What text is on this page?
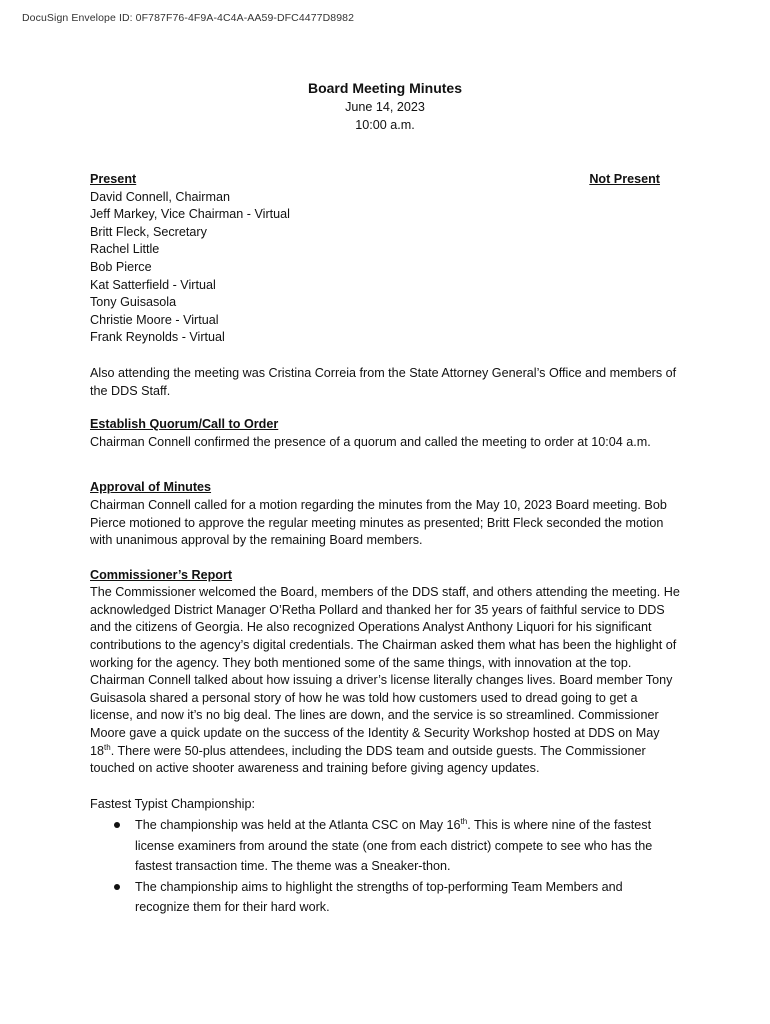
DocuSign Envelope ID: 0F787F76-4F9A-4C4A-AA59-DFC4477D8982
Board Meeting Minutes
June 14, 2023
10:00 a.m.
Present	Not Present
David Connell, Chairman
Jeff Markey, Vice Chairman - Virtual
Britt Fleck, Secretary
Rachel Little
Bob Pierce
Kat Satterfield - Virtual
Tony Guisasola
Christie Moore - Virtual
Frank Reynolds - Virtual

Also attending the meeting was Cristina Correia from the State Attorney General’s Office and members of the DDS Staff.

Establish Quorum/Call to Order

Chairman Connell confirmed the presence of a quorum and called the meeting to order at 10:04 a.m.

Approval of Minutes

Chairman Connell called for a motion regarding the minutes from the May 10, 2023 Board meeting. Bob Pierce motioned to approve the regular meeting minutes as presented; Britt Fleck seconded the motion with unanimous approval by the remaining Board members.

Commissioner’s Report

The Commissioner welcomed the Board, members of the DDS staff, and others attending the meeting. He acknowledged District Manager O’Retha Pollard and thanked her for 35 years of faithful service to DDS and the citizens of Georgia. He also recognized Operations Analyst Anthony Liquori for his significant contributions to the agency’s digital credentials. The Chairman asked them what has been the highlight of working for the agency. They both mentioned some of the same things, with innovation at the top. Chairman Connell talked about how issuing a driver’s license literally changes lives. Board member Tony Guisasola shared a personal story of how he was told how customers used to dread going to get a license, and now it’s no big deal. The lines are down, and the service is so streamlined. Commissioner Moore gave a quick update on the success of the Identity & Security Workshop hosted at DDS on May 18th. There were 50-plus attendees, including the DDS team and outside guests. The Commissioner touched on active shooter awareness and training before giving agency updates.

Fastest Typist Championship:
The championship was held at the Atlanta CSC on May 16th. This is where nine of the fastest license examiners from around the state (one from each district) compete to see who has the fastest transaction time. The theme was a Sneaker-thon.
The championship aims to highlight the strengths of top-performing Team Members and recognize them for their hard work.
